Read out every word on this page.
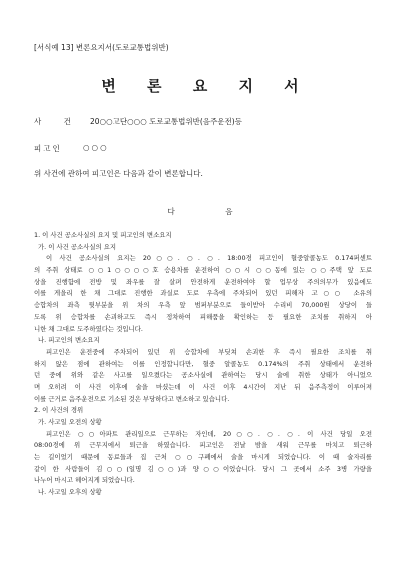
[서식예 13] 변론요지서(도로교통법위반)
변 론 요 지 서
사 건 20○○고단○○○ 도로교통법위반(음주운전)등
피고인	○○○
위 사건에 관하여 피고인은 다음과 같이 변론합니다.
다	음
1. 이 사건 공소사실의 요지 및 피고인의 변소요지
가. 이 사건 공소사실의 요지
이 사건 공소사실의 요지는 20○○. ○. ○. 18:00경 피고인이 혈중알콜농도 0.174퍼센트
의 주취 상태로 ○○1○○○○호 승용차를 운전하여 ○○시 ○○동에 있는 ○○주택 앞 도로
상을 진행함에 전방 및 좌우를 잘 살펴 안전하게 운전하여야 할 업무상 주의의무가 있음에도
이를 게을리 한 채 그대로 진행한 과실로 도로 우측에 주차되어 있던 피해자 고○○ 소유의
승합차의 좌측 뒷부분을 위 차의 우측 앞 범퍼부분으로 들이받아 수리비 70,000원 상당이 들
도록 위 승합차를 손괴하고도 즉시 정차하여 피해품을 확인하는 등 필요한 조치를 취하지 아
니한 채 그대로 도주하였다는 것입니다.
나. 피고인의 변소요지
피고인은 운전중에 주차되어 있던 위 승합차에 부딪쳐 손괴한 후 즉시 필요한 조치를 취
하지 않은 점에 관하여는 이를 인정합니다만, 혈중 알콜농도 0.174%의 주취 상태에서 운전하
던 중에 위와 같은 사고를 일으켰다는 공소사실에 관하여는 당시 술에 취한 상태가 아니었으
며 오히려 이 사건 이후에 술을 마셨는데 이 사건 이후 4시간이 지난 뒤 음주측정이 이루어져
이를 근거로 음주운전으로 기소된 것은 부당하다고 변소하고 있습니다.
2. 이 사건의 경위
가. 사고일 오전의 상황
피고인은 ○○아파트 관리일으로 근무하는 자인데, 20○○. ○. ○. 이 사건 당일 오전
08:00경에 위 근무지에서 퇴근을 하였습니다. 피고인은 전날 밤을 새워 근무를 마치고 퇴근하
는 길이었기 때문에 동료들과 집 근처 ○○구폐에서 술을 마시게 되었습니다. 이 때 술자리를
같이 한 사람들이 김○○(일명 김○○)과 양○○이었습니다. 당시 그 곳에서 소주 3병 가량을
나누어 마시고 헤어지게 되었습니다.
나. 사고일 오후의 상황
